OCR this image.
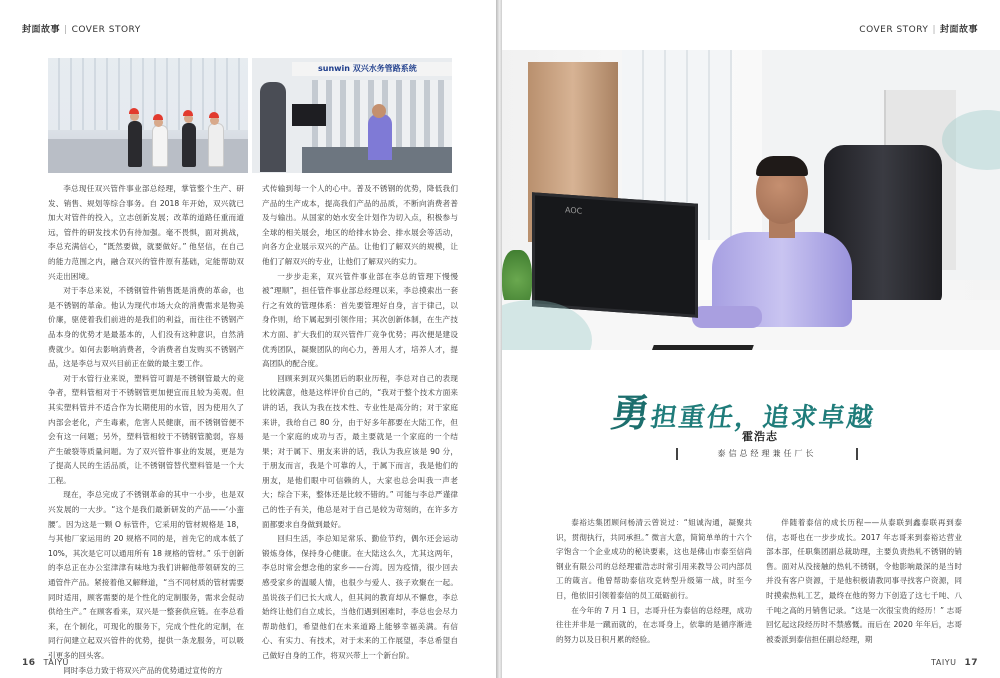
封面故事 | COVER STORY
sunwin 双兴水务管路系统

李总现任双兴管件事业部总经理，掌管整个生产、研发、销售、规划等综合事务。自 2018 年开始，双兴就已加大对管件的投入，立志创新发展；改革的道路任重而道远，管件的研发技术仍有待加强。毫不畏惧，面对挑战，李总充满信心，“既然要做，就要做好。” 他坚信，在自己的能力范围之内，融合双兴的管件原有基础，定能帮助双兴走出困境。

对于李总来说，不锈钢管件销售既是消费的革命，也是不锈钢的革命。他认为现代市场大众的消费需求是物美价廉，驱使着我们前进的是我们的利益，而往往不锈钢产品本身的优势才是最基本的，人们没有这种意识，自然消费就少。如何去影响消费者，令消费者自发购买不锈钢产品，这是李总与双兴目前正在做的最主要工作。

对于水管行业来说，塑料管可谓是不锈钢管最大的竞争者，塑料管相对于不锈钢管更加便宜而且较为美观。但其实塑料管并不适合作为长期使用的水管，因为使用久了内部会老化，产生毒素，危害人民健康，而不锈钢管便不会有这一问题；另外，塑料管相较于不锈钢管脆弱，容易产生破裂等质量问题。为了双兴管件事业的发展，更是为了提高人民的生活品质，让不锈钢管替代塑料管是一个大工程。

现在，李总完成了不锈钢革命的其中一小步，也是双兴发展的一大步。“这个是我们最新研发的产品——‘小蛮腰’。因为这是一颗 O 标管件，它采用的管材规格是 18，与其他厂家运用的 20 规格不同的是，首先它的成本低了 10%，其次是它可以通用所有 18 规格的管材。” 乐于创新的李总正在办公室津津有味地为我们讲解他带领研发的三通管件产品。紧接着他又解释道，“当不同材质的管材需要同时适用，顾客需要的是个性化的定制服务，需求会促动供给生产。” 在顾客看来，双兴是一整套供应链。在李总看来，在个制化，可现化的服务下，完成个性化的定制，在同行间建立起双兴管件的优势，提供一条龙服务，可以吸引更多的回头客。

同时李总力致于将双兴产品的优势通过宣传的方

式传输到每一个人的心中。普及不锈钢的优势，降低我们产品的生产成本，提高我们产品的品质，不断向消费者普及与输出。从国家的始水安全计划作为切入点，积极参与全球的相关展会，地区的给排水协会、排水展会等活动，向各方企业展示双兴的产品。让他们了解双兴的规模，让他们了解双兴的专业，让他们了解双兴的实力。

一步步走来，双兴管件事业部在李总的管理下慢慢被“理顺”，担任管件事业部总经理以来，李总摸索出一套行之有效的管理体系：首先要管理好自身，言于律己，以身作则，给下属起到引领作用；其次创新体制，在生产技术方面、扩大我们的双兴管件厂竞争优势；再次便是建设优秀团队，凝聚团队的向心力，善用人才，培养人才，提高团队的配合度。

回顾来到双兴集团后的职业历程，李总对自己的表现比较满意，他是这样评价自己的，“我对于整个技术方面来讲的话，我认为我在技术性、专业性是高分的；对于家庭来讲，我给自己 80 分，由于好多年都要在大陆工作，但是一个家庭的成功与否，最主要就是一个家庭的一个结果；对于属下、朋友来讲的话，我认为我应该是 90 分，于朋友而言，我是个可靠的人，于属下而言，我是他们的朋友，是他们眼中可信赖的人，大家也总会叫我一声老大；综合下来，整体还是比较不错的。” 可能与李总严谨律己的性子有关，他总是对于自己是较为苛刻的，在许多方面都要求自身做到最好。

回归生活，李总知足常乐、勤俭节约，偶尔还会运动锻炼身体，保持身心健康。在大陆这么久，尤其这两年，李总时常会想念他的家乡——台湾。因为疫情，很少回去感受家乡的温暖人情，也很少与爱人、孩子欢聚在一起。虽说孩子们已长大成人，但其间的教育却从不懈怠，李总始终让他们自立成长，当他们遇到困难时，李总也会尽力帮助他们，希望他们在未来道路上能够幸福美满。有信心、有实力、有技术，对于未来的工作展望，李总希望自己做好自身的工作，将双兴带上一个新台阶。

16 TAIYU
COVER STORY | 封面故事
AOC
TAIYU 17
勇担重任，追求卓越
霍浩志
泰信总经理兼任厂长

泰裕达集团顾问杨清云曾说过：“姐诚沟通，凝聚共识，贯彻执行，共同承担。” 微言大意，简简单单的十六个字饱含一个企业成功的秘诀要素，这也是佛山市泰至信尚钢业有限公司的总经理霍浩志时常引用来教导公司内部员工的箴言。他曾帮助泰信攻克转型升级第一战，时至今日，他依旧引领着泰信的员工砥砺前行。

在今年的 7 月 1 日，志哥升任为泰信的总经理，成功往往并非是一蹴而就的，在志哥身上，依靠的是循序渐进的努力以及日积月累的经验。

伴随着泰信的成长历程——从泰联到鑫泰联再到泰信，志哥也在一步步成长。2017 年志哥来到泰裕达营业部本部，任职集团副总裁助理，主要负责热轧不锈钢的销售。面对从没接触的热轧不锈钢，令他影响最深的是当时并没有客户资源，于是他积极请教同事寻找客户资源，同时摸索热轧工艺，最终在他的努力下创造了这七千吨、八千吨之高的月销售记录。“这是一次很宝贵的经历！” 志哥回忆起这段经历时不禁感慨。而后在 2020 年年后，志哥被委派到泰信担任副总经理，期
